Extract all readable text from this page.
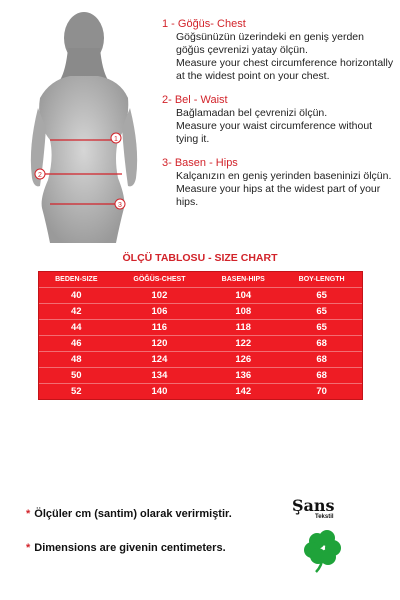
1
2
3
1 - Göğüs- Chest
Göğsünüzün üzerindeki en geniş yerden göğüs çevrenizi yatay ölçün.
Measure your chest circumference horizontally at the widest point on your chest.
2- Bel - Waist
Bağlamadan bel çevrenizi ölçün.
Measure your waist circumference without tying it.
3- Basen - Hips
Kalçanızın en geniş yerinden baseninizi ölçün.
Measure your hips at the widest part of your hips.
ÖLÇÜ TABLOSU - SIZE CHART
BEDEN-SIZE	GÖĞÜS-CHEST	BASEN-HIPS	BOY-LENGTH
40	102	104	65
42	106	108	65
44	116	118	65
46	120	122	68
48	124	126	68
50	134	136	68
52	140	142	70
* Ölçüler cm (santim) olarak verirmiştir.
* Dimensions are givenin centimeters.
Şans
Tekstil
